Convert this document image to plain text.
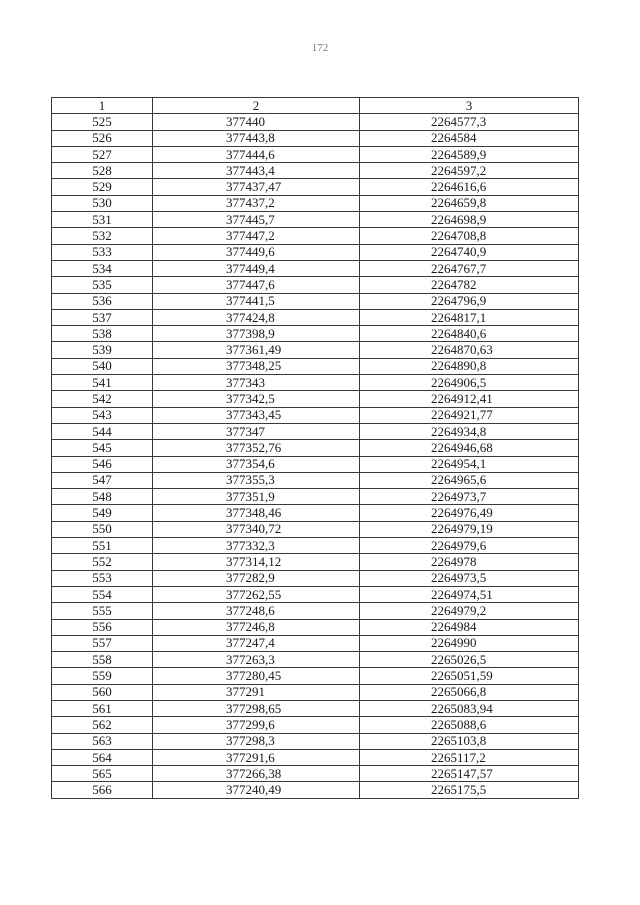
172
1	2	3
525	377440	2264577,3
526	377443,8	2264584
527	377444,6	2264589,9
528	377443,4	2264597,2
529	377437,47	2264616,6
530	377437,2	2264659,8
531	377445,7	2264698,9
532	377447,2	2264708,8
533	377449,6	2264740,9
534	377449,4	2264767,7
535	377447,6	2264782
536	377441,5	2264796,9
537	377424,8	2264817,1
538	377398,9	2264840,6
539	377361,49	2264870,63
540	377348,25	2264890,8
541	377343	2264906,5
542	377342,5	2264912,41
543	377343,45	2264921,77
544	377347	2264934,8
545	377352,76	2264946,68
546	377354,6	2264954,1
547	377355,3	2264965,6
548	377351,9	2264973,7
549	377348,46	2264976,49
550	377340,72	2264979,19
551	377332,3	2264979,6
552	377314,12	2264978
553	377282,9	2264973,5
554	377262,55	2264974,51
555	377248,6	2264979,2
556	377246,8	2264984
557	377247,4	2264990
558	377263,3	2265026,5
559	377280,45	2265051,59
560	377291	2265066,8
561	377298,65	2265083,94
562	377299,6	2265088,6
563	377298,3	2265103,8
564	377291,6	2265117,2
565	377266,38	2265147,57
566	377240,49	2265175,5
